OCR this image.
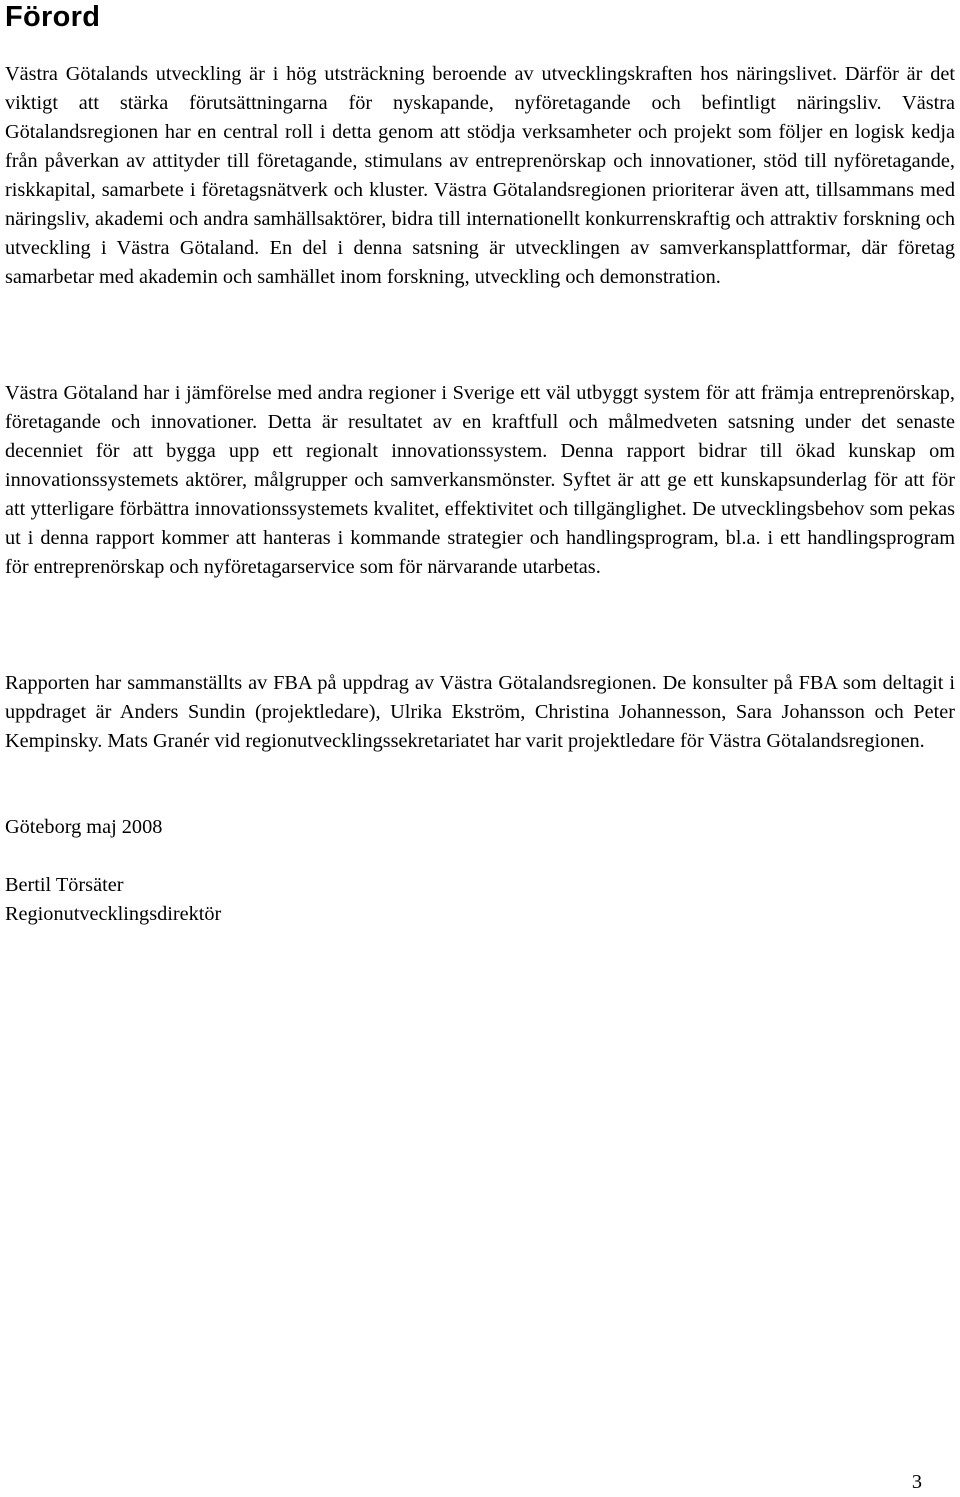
Förord

Västra Götalands utveckling är i hög utsträckning beroende av utvecklingskraften hos näringslivet. Därför är det viktigt att stärka förutsättningarna för nyskapande, nyföretagande och befintligt näringsliv. Västra Götalandsregionen har en central roll i detta genom att stödja verksamheter och projekt som följer en logisk kedja från påverkan av attityder till företagande, stimulans av entreprenörskap och innovationer, stöd till nyföretagande, riskkapital, samarbete i företagsnätverk och kluster. Västra Götalandsregionen prioriterar även att, tillsammans med näringsliv, akademi och andra samhällsaktörer, bidra till internationellt konkurrenskraftig och attraktiv forskning och utveckling i Västra Götaland. En del i denna satsning är utvecklingen av samverkansplattformar, där företag samarbetar med akademin och samhället inom forskning, utveckling och demonstration.

Västra Götaland har i jämförelse med andra regioner i Sverige ett väl utbyggt system för att främja entreprenörskap, företagande och innovationer. Detta är resultatet av en kraftfull och målmedveten satsning under det senaste decenniet för att bygga upp ett regionalt innovationssystem. Denna rapport bidrar till ökad kunskap om innovationssystemets aktörer, målgrupper och samverkansmönster. Syftet är att ge ett kunskapsunderlag för att för att ytterligare förbättra innovationssystemets kvalitet, effektivitet och tillgänglighet. De utvecklingsbehov som pekas ut i denna rapport kommer att hanteras i kommande strategier och handlingsprogram, bl.a. i ett handlingsprogram för entreprenörskap och nyföretagarservice som för närvarande utarbetas.

Rapporten har sammanställts av FBA på uppdrag av Västra Götalandsregionen. De konsulter på FBA som deltagit i uppdraget är Anders Sundin (projektledare), Ulrika Ekström, Christina Johannesson, Sara Johansson och Peter Kempinsky. Mats Granér vid regionutvecklingssekretariatet har varit projektledare för Västra Götalandsregionen.

Göteborg maj 2008

Bertil Törsäter
Regionutvecklingsdirektör

3
